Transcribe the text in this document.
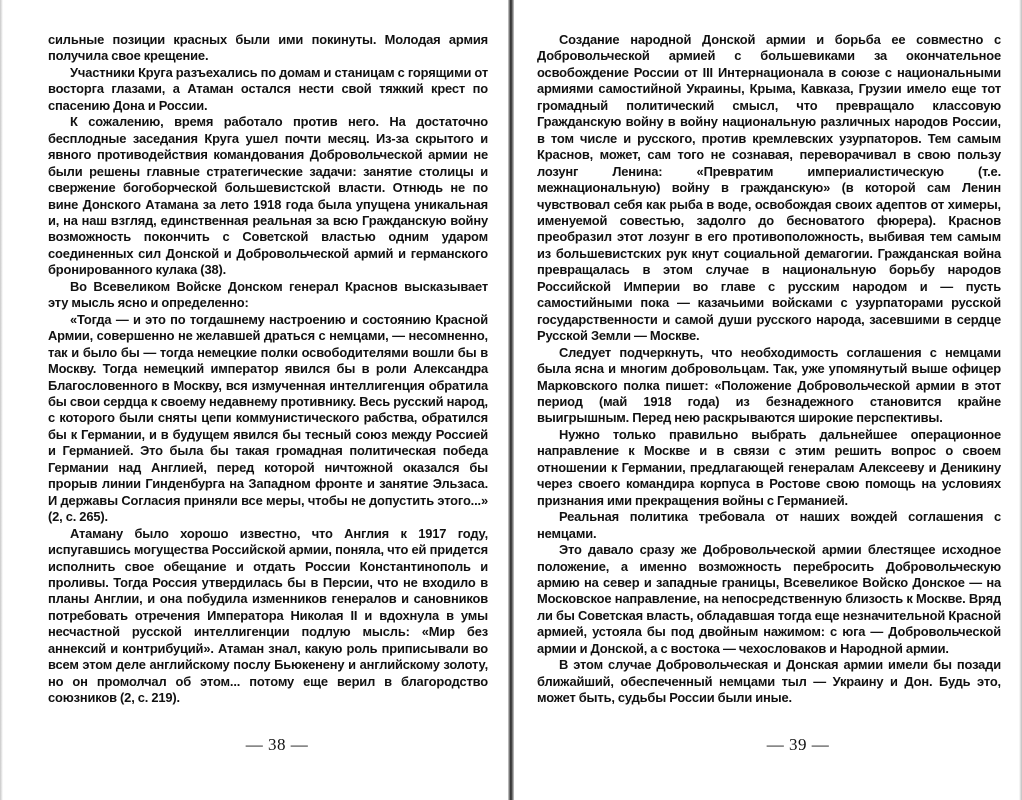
сильные позиции красных были ими покинуты. Молодая армия получила свое крещение.

Участники Круга разъехались по домам и станицам с горящими от восторга глазами, а Атаман остался нести свой тяжкий крест по спасению Дона и России.

К сожалению, время работало против него. На достаточно бесплодные заседания Круга ушел почти месяц. Из-за скрытого и явного противодействия командования Добровольческой армии не были решены главные стратегические задачи: занятие столицы и свержение богоборческой большевистской власти. Отнюдь не по вине Донского Атамана за лето 1918 года была упущена уникальная и, на наш взгляд, единственная реальная за всю Гражданскую войну возможность покончить с Советской властью одним ударом соединенных сил Донской и Добровольческой армий и германского бронированного кулака (38).

Во Всевеликом Войске Донском генерал Краснов высказывает эту мысль ясно и определенно:

«Тогда — и это по тогдашнему настроению и состоянию Красной Армии, совершенно не желавшей драться с немцами, — несомненно, так и было бы — тогда немецкие полки освободителями вошли бы в Москву. Тогда немецкий император явился бы в роли Александра Благословенного в Москву, вся измученная интеллигенция обратила бы свои сердца к своему недавнему противнику. Весь русский народ, с которого были сняты цепи коммунистического рабства, обратился бы к Германии, и в будущем явился бы тесный союз между Россией и Германией. Это была бы такая громадная политическая победа Германии над Англией, перед которой ничтожной оказался бы прорыв линии Гинденбурга на Западном фронте и занятие Эльзаса. И державы Согласия приняли все меры, чтобы не допустить этого...» (2, с. 265).

Атаману было хорошо известно, что Англия к 1917 году, испугавшись могущества Российской армии, поняла, что ей придется исполнить свое обещание и отдать России Константинополь и проливы. Тогда Россия утвердилась бы в Персии, что не входило в планы Англии, и она побудила изменников генералов и сановников потребовать отречения Императора Николая II и вдохнула в умы несчастной русской интеллигенции подлую мысль: «Мир без аннексий и контрибуций». Атаман знал, какую роль приписывали во всем этом деле английскому послу Бьюкенену и английскому золоту, но он промолчал об этом... потому еще верил в благородство союзников (2, с. 219).

— 38 —

Создание народной Донской армии и борьба ее совместно с Добровольческой армией с большевиками за окончательное освобождение России от III Интернационала в союзе с национальными армиями самостийной Украины, Крыма, Кавказа, Грузии имело еще тот громадный политический смысл, что превращало классовую Гражданскую войну в войну национальную различных народов России, в том числе и русского, против кремлевских узурпаторов. Тем самым Краснов, может, сам того не сознавая, переворачивал в свою пользу лозунг Ленина: «Превратим империалистическую (т.е. межнациональную) войну в гражданскую» (в которой сам Ленин чувствовал себя как рыба в воде, освобождая своих адептов от химеры, именуемой совестью, задолго до бесноватого фюрера). Краснов преобразил этот лозунг в его противоположность, выбивая тем самым из большевистских рук кнут социальной демагогии. Гражданская война превращалась в этом случае в национальную борьбу народов Российской Империи во главе с русским народом и — пусть самостийными пока — казачьими войсками с узурпаторами русской государственности и самой души русского народа, засевшими в сердце Русской Земли — Москве.

Следует подчеркнуть, что необходимость соглашения с немцами была ясна и многим добровольцам. Так, уже упомянутый выше офицер Марковского полка пишет: «Положение Добровольческой армии в этот период (май 1918 года) из безнадежного становится крайне выигрышным. Перед нею раскрываются широкие перспективы.

Нужно только правильно выбрать дальнейшее операционное направление к Москве и в связи с этим решить вопрос о своем отношении к Германии, предлагающей генералам Алексееву и Деникину через своего командира корпуса в Ростове свою помощь на условиях признания ими прекращения войны с Германией.

Реальная политика требовала от наших вождей соглашения с немцами.

Это давало сразу же Добровольческой армии блестящее исходное положение, а именно возможность перебросить Добровольческую армию на север и западные границы, Всевеликое Войско Донское — на Московское направление, на непосредственную близость к Москве. Вряд ли бы Советская власть, обладавшая тогда еще незначительной Красной армией, устояла бы под двойным нажимом: с юга — Добровольческой армии и Донской, а с востока — чехословаков и Народной армии.

В этом случае Добровольческая и Донская армии имели бы позади ближайший, обеспеченный немцами тыл — Украину и Дон. Будь это, может быть, судьбы России были иные.

— 39 —
